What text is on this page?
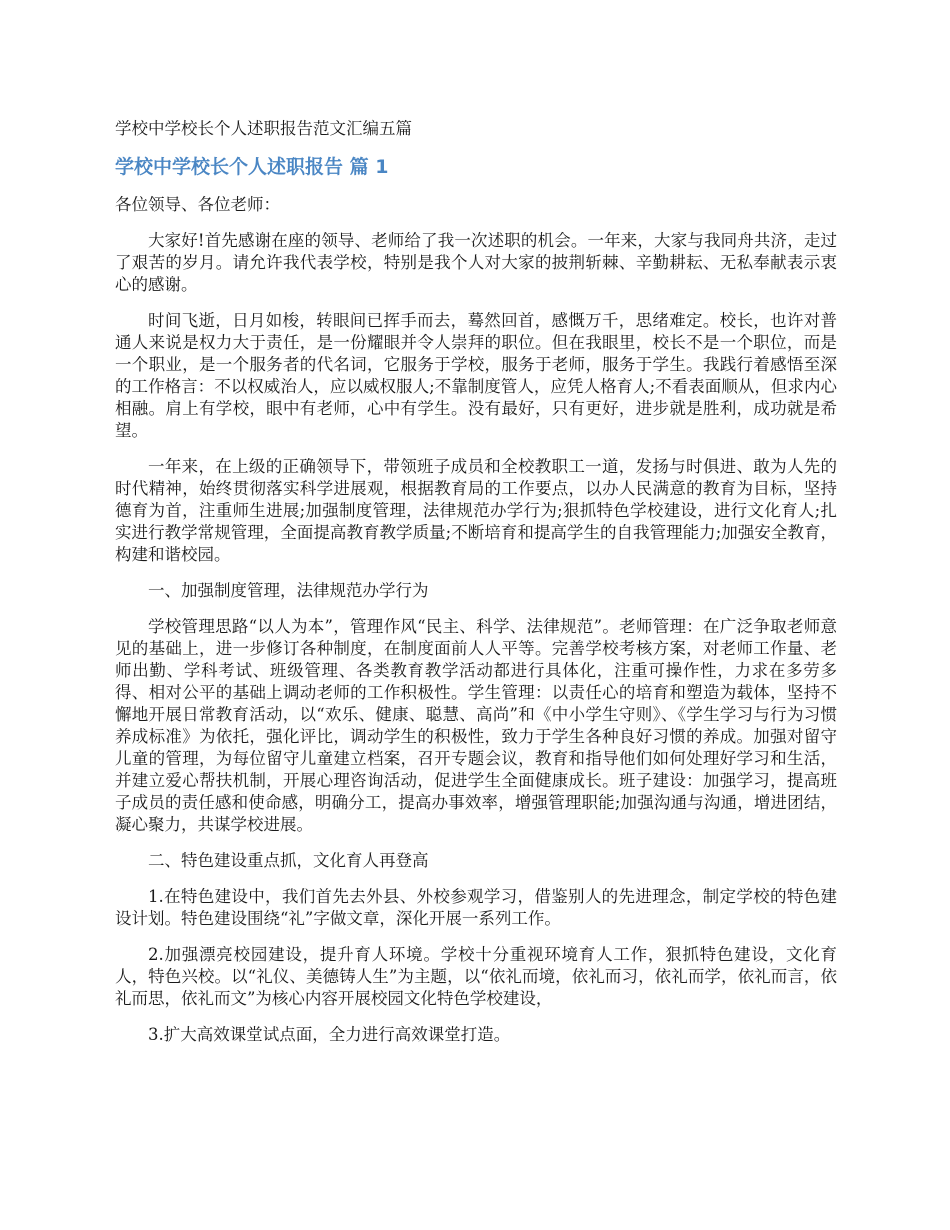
学校中学校长个人述职报告范文汇编五篇
学校中学校长个人述职报告 篇 1
各位领导、各位老师：

大家好!首先感谢在座的领导、老师给了我一次述职的机会。一年来，大家与我同舟共济，走过了艰苦的岁月。请允许我代表学校，特别是我个人对大家的披荆斩棘、辛勤耕耘、无私奉献表示衷心的感谢。

时间飞逝，日月如梭，转眼间已挥手而去，蓦然回首，感慨万千，思绪难定。校长，也许对普通人来说是权力大于责任，是一份耀眼并令人崇拜的职位。但在我眼里，校长不是一个职位，而是一个职业，是一个服务者的代名词，它服务于学校，服务于老师，服务于学生。我践行着感悟至深的工作格言：不以权威治人，应以威权服人;不靠制度管人，应凭人格育人;不看表面顺从，但求内心相融。肩上有学校，眼中有老师，心中有学生。没有最好，只有更好，进步就是胜利，成功就是希望。

一年来，在上级的正确领导下，带领班子成员和全校教职工一道，发扬与时俱进、敢为人先的时代精神，始终贯彻落实科学进展观，根据教育局的工作要点，以办人民满意的教育为目标，坚持德育为首，注重师生进展;加强制度管理，法律规范办学行为;狠抓特色学校建设，进行文化育人;扎实进行教学常规管理，全面提高教育教学质量;不断培育和提高学生的自我管理能力;加强安全教育，构建和谐校园。

一、加强制度管理，法律规范办学行为

学校管理思路“以人为本”，管理作风“民主、科学、法律规范”。老师管理：在广泛争取老师意见的基础上，进一步修订各种制度，在制度面前人人平等。完善学校考核方案，对老师工作量、老师出勤、学科考试、班级管理、各类教育教学活动都进行具体化，注重可操作性，力求在多劳多得、相对公平的基础上调动老师的工作积极性。学生管理：以责任心的培育和塑造为载体，坚持不懈地开展日常教育活动，以“欢乐、健康、聪慧、高尚”和《中小学生守则》、《学生学习与行为习惯养成标准》为依托，强化评比，调动学生的积极性，致力于学生各种良好习惯的养成。加强对留守儿童的管理，为每位留守儿童建立档案，召开专题会议，教育和指导他们如何处理好学习和生活，并建立爱心帮扶机制，开展心理咨询活动，促进学生全面健康成长。班子建设：加强学习，提高班子成员的责任感和使命感，明确分工，提高办事效率，增强管理职能;加强沟通与沟通，增进团结，凝心聚力，共谋学校进展。

二、特色建设重点抓，文化育人再登高

1.在特色建设中，我们首先去外县、外校参观学习，借鉴别人的先进理念，制定学校的特色建设计划。特色建设围绕“礼”字做文章，深化开展一系列工作。

2.加强漂亮校园建设，提升育人环境。学校十分重视环境育人工作，狠抓特色建设，文化育人，特色兴校。以“礼仪、美德铸人生”为主题，以“依礼而境，依礼而习，依礼而学，依礼而言，依礼而思，依礼而文”为核心内容开展校园文化特色学校建设，

3.扩大高效课堂试点面，全力进行高效课堂打造。
